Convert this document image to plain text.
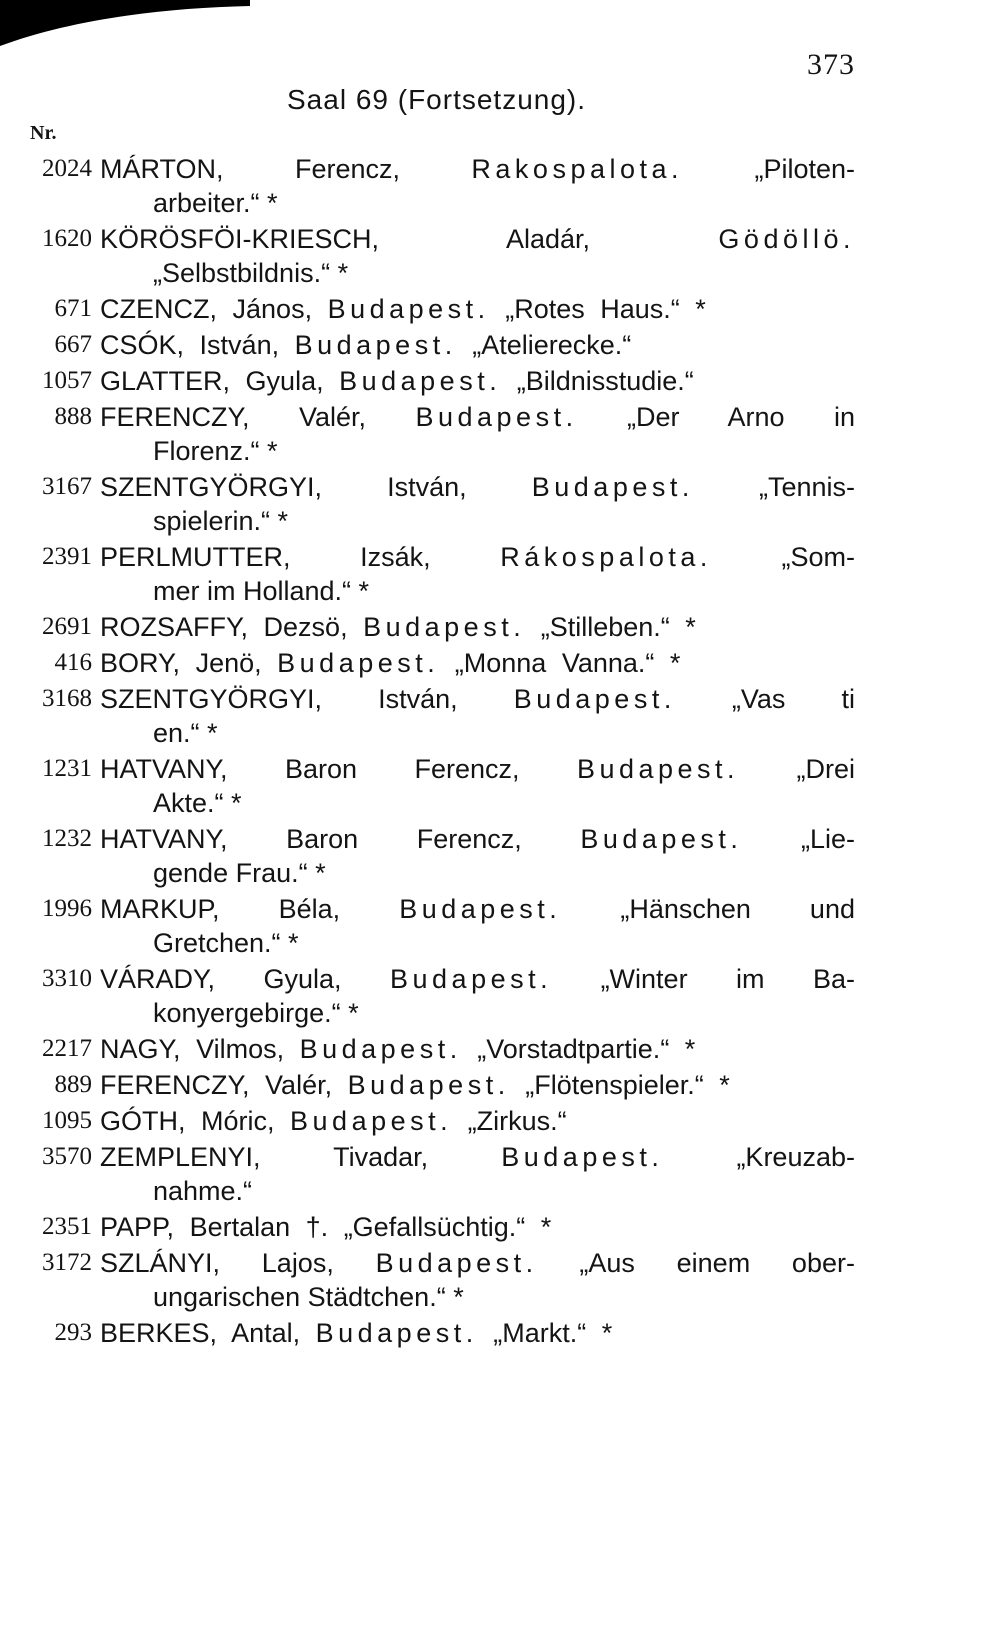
373
Saal 69 (Fortsetzung).
Nr.
2024 MÁRTON,	Ferencz,	Rakospalota.	„Piloten-
arbeiter.“ *
1620 KÖRÖSFÖI-KRIESCH,	Aladár,	Gödöllö.
„Selbstbildnis.“ *
671 CZENCZ, János, Budapest. „Rotes Haus.“ *
667 CSÓK, István, Budapest. „Atelierecke.“
1057 GLATTER, Gyula, Budapest. „Bildnisstudie.“
888 FERENCZY, Valér, Budapest. „Der Arno in
Florenz.“ *
3167 SZENTGYÖRGYI, István, Budapest. „Tennis-
spielerin.“ *
2391 PERLMUTTER,	Izsák,	Rákospalota.	„Som-
mer im Holland.“ *
2691 ROZSAFFY, Dezsö, Budapest. „Stilleben.“ *
416 BORY, Jenö, Budapest. „Monna Vanna.“ *
3168 SZENTGYÖRGYI, István, Budapest. „Vas ti
en.“ *
1231 HATVANY, Baron Ferencz, Budapest. „Drei
Akte.“ *
1232 HATVANY, Baron Ferencz, Budapest. „Lie-
gende Frau.“ *
1996 MARKUP, Béla, Budapest. „Hänschen und
Gretchen.“ *
3310 VÁRADY, Gyula, Budapest. „Winter im Ba-
konyergebirge.“ *
2217 NAGY, Vilmos, Budapest. „Vorstadtpartie.“ *
889 FERENCZY, Valér, Budapest. „Flötenspieler.“ *
1095 GÓTH, Móric, Budapest. „Zirkus.“
3570 ZEMPLENYI,	Tivadar,	Budapest.	„Kreuzab-
nahme.“
2351 PAPP, Bertalan †. „Gefallsüchtig.“ *
3172 SZLÁNYI, Lajos, Budapest. „Aus einem ober-
ungarischen Städtchen.“ *
293 BERKES, Antal, Budapest. „Markt.“ *
